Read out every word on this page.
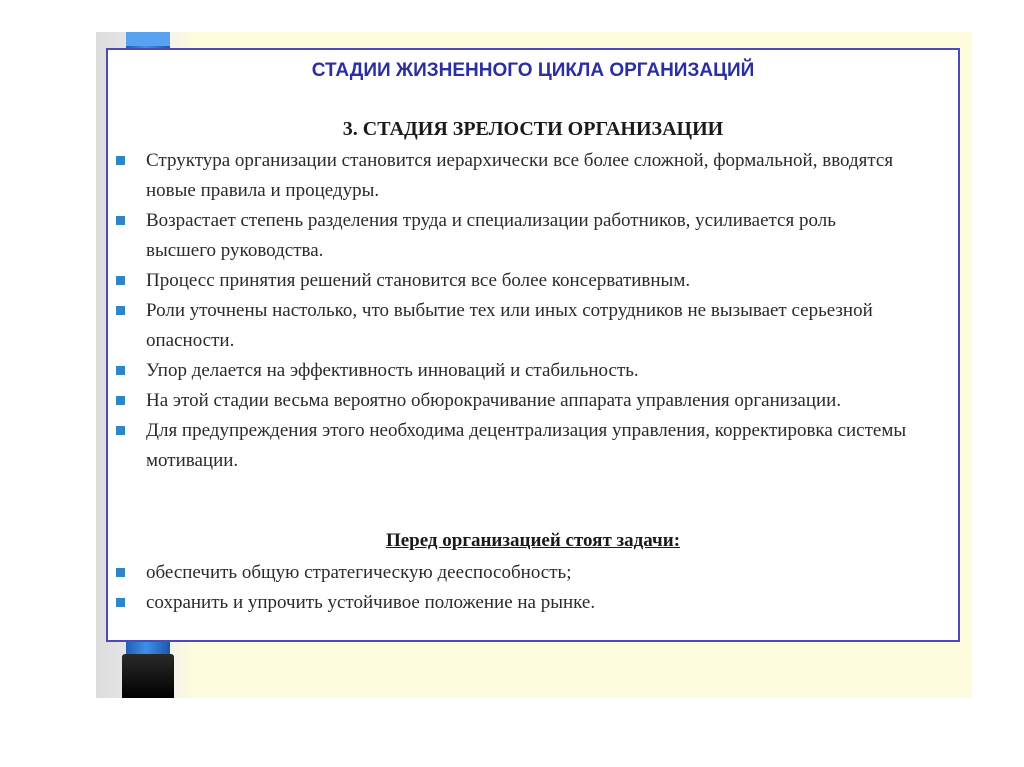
СТАДИИ ЖИЗНЕННОГО ЦИКЛА ОРГАНИЗАЦИЙ
3. СТАДИЯ ЗРЕЛОСТИ ОРГАНИЗАЦИИ
Структура организации становится иерархически все более сложной, формальной, вводятся новые правила и процедуры.
Возрастает степень разделения труда и специализации работников, усиливается роль высшего руководства.
Процесс принятия решений становится все более консервативным.
Роли уточнены настолько, что выбытие тех или иных сотрудников не вызывает серьезной опасности.
Упор делается на эффективность инноваций и стабильность.
На этой стадии весьма вероятно обюрокрачивание аппарата управления организации.
Для предупреждения этого необходима децентрализация управления, корректировка системы мотивации.
Перед организацией стоят задачи:
обеспечить общую стратегическую дееспособность;
сохранить и упрочить устойчивое положение на рынке.
